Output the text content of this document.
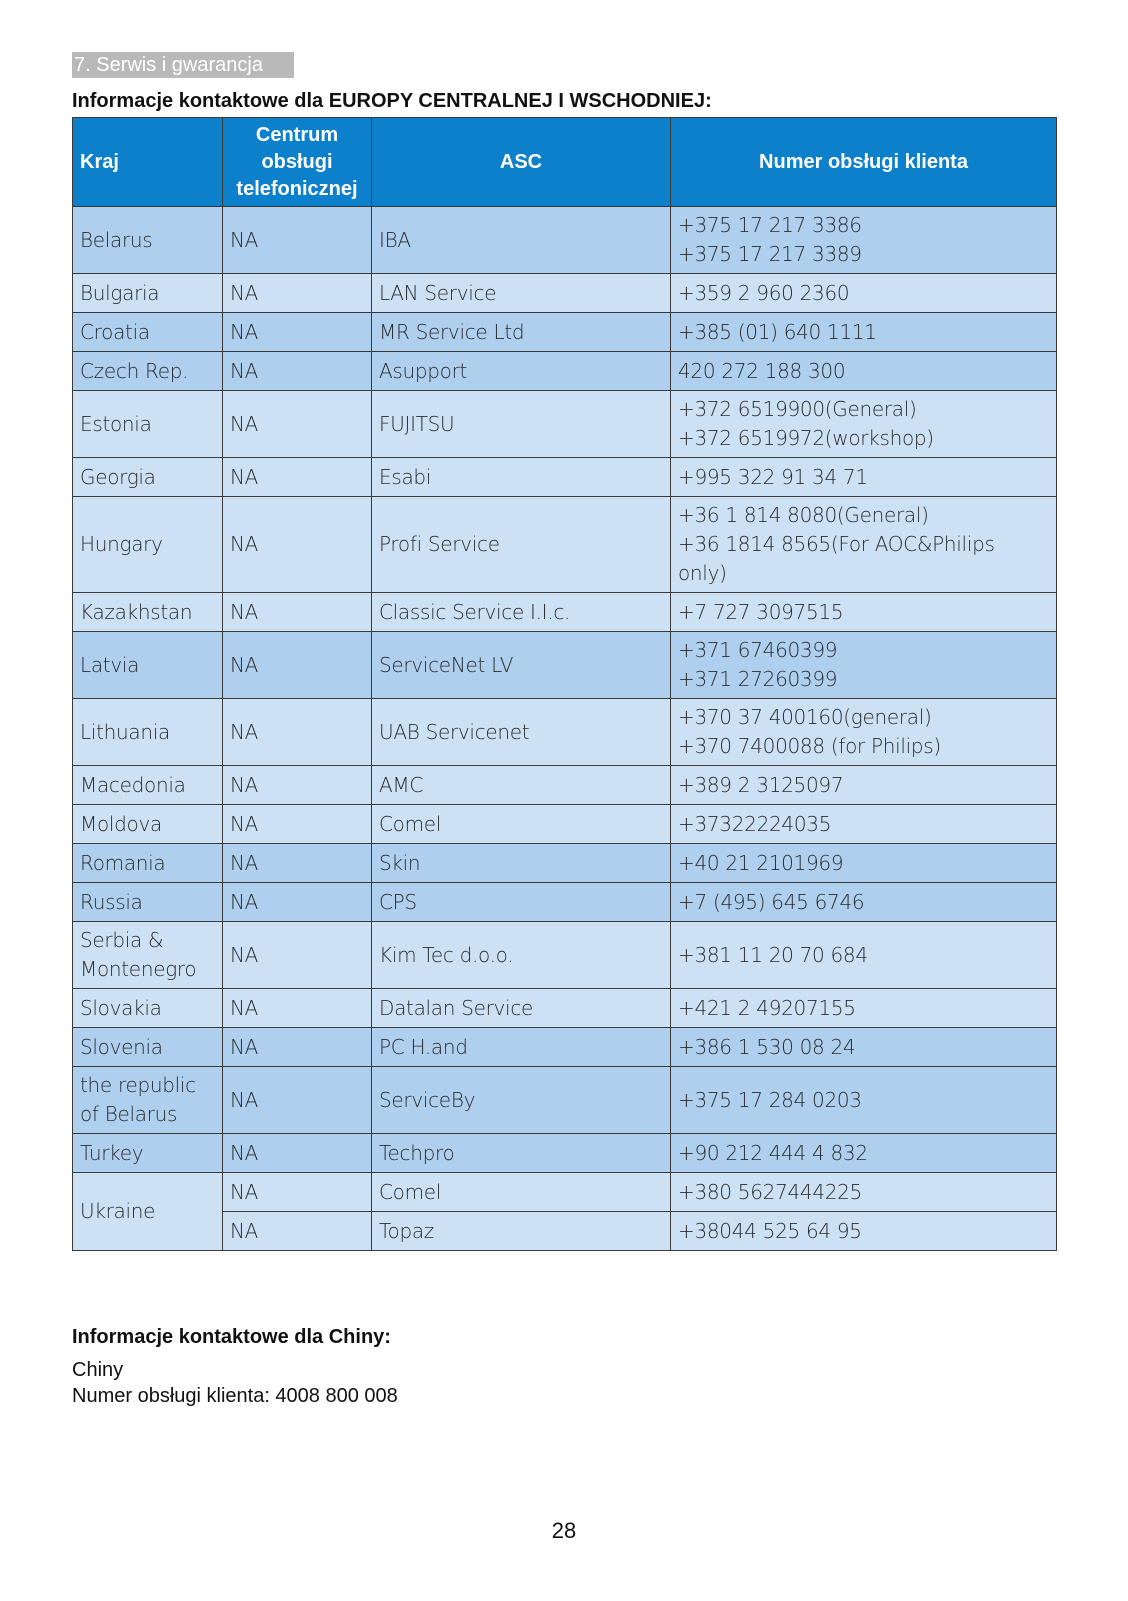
7. Serwis i gwarancja
Informacje kontaktowe dla EUROPY CENTRALNEJ I WSCHODNIEJ:
Kraj	Centrum obsługi telefonicznej	ASC	Numer obsługi klienta
Belarus	NA	IBA	+375 17 217 3386
+375 17 217 3389

Bulgaria	NA	LAN Service	+359 2 960 2360

Croatia	NA	MR Service Ltd	+385 (01) 640 1111

Czech Rep.	NA	Asupport	420 272 188 300

Estonia	NA	FUJITSU	+372 6519900(General)
+372 6519972(workshop)

Georgia	NA	Esabi	+995 322 91 34 71

Hungary	NA	Profi Service	+36 1 814 8080(General)
+36 1814 8565(For AOC&Philips
only)

Kazakhstan	NA	Classic Service I.I.c.	+7 727 3097515

Latvia	NA	ServiceNet LV	+371 67460399
+371 27260399

Lithuania	NA	UAB Servicenet	+370 37 400160(general)
+370 7400088 (for Philips)

Macedonia	NA	AMC	+389 2 3125097

Moldova	NA	Comel	+37322224035

Romania	NA	Skin	+40 21 2101969

Russia	NA	CPS	+7 (495) 645 6746

Serbia & Montenegro	NA	Kim Tec d.o.o.	+381 11 20 70 684

Slovakia	NA	Datalan Service	+421 2 49207155

Slovenia	NA	PC H.and	+386 1 530 08 24

the republic of Belarus	NA	ServiceBy	+375 17 284 0203

Turkey	NA	Techpro	+90 212 444 4 832

Ukraine	NA	Comel	+380 5627444225

	NA	Topaz	+38044 525 64 95
Informacje kontaktowe dla Chiny:
Chiny
Numer obsługi klienta: 4008 800 008
28
